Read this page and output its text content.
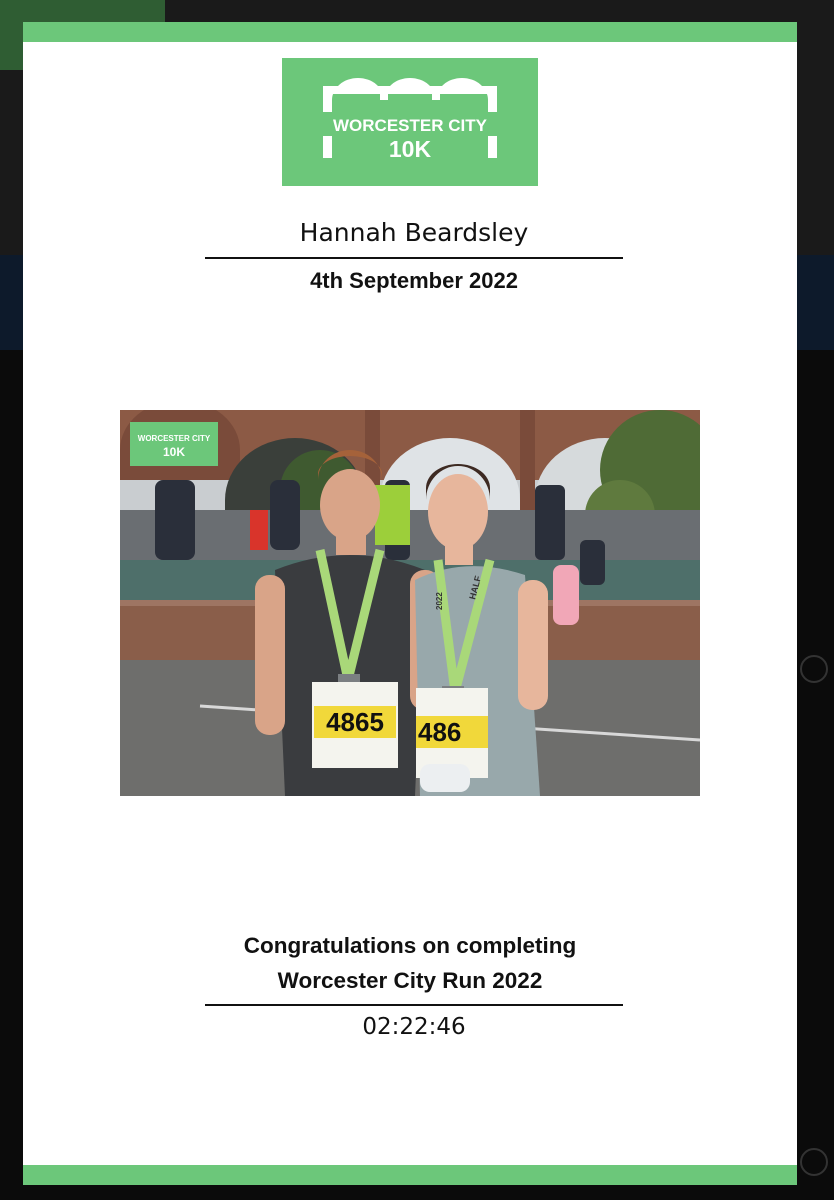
WORCESTER CITY
10K
Hannah Beardsley
4th September 2022
WORCESTER CITY
10K
4865
HALF
2022
486
Congratulations on completing
Worcester City Run 2022
02:22:46
